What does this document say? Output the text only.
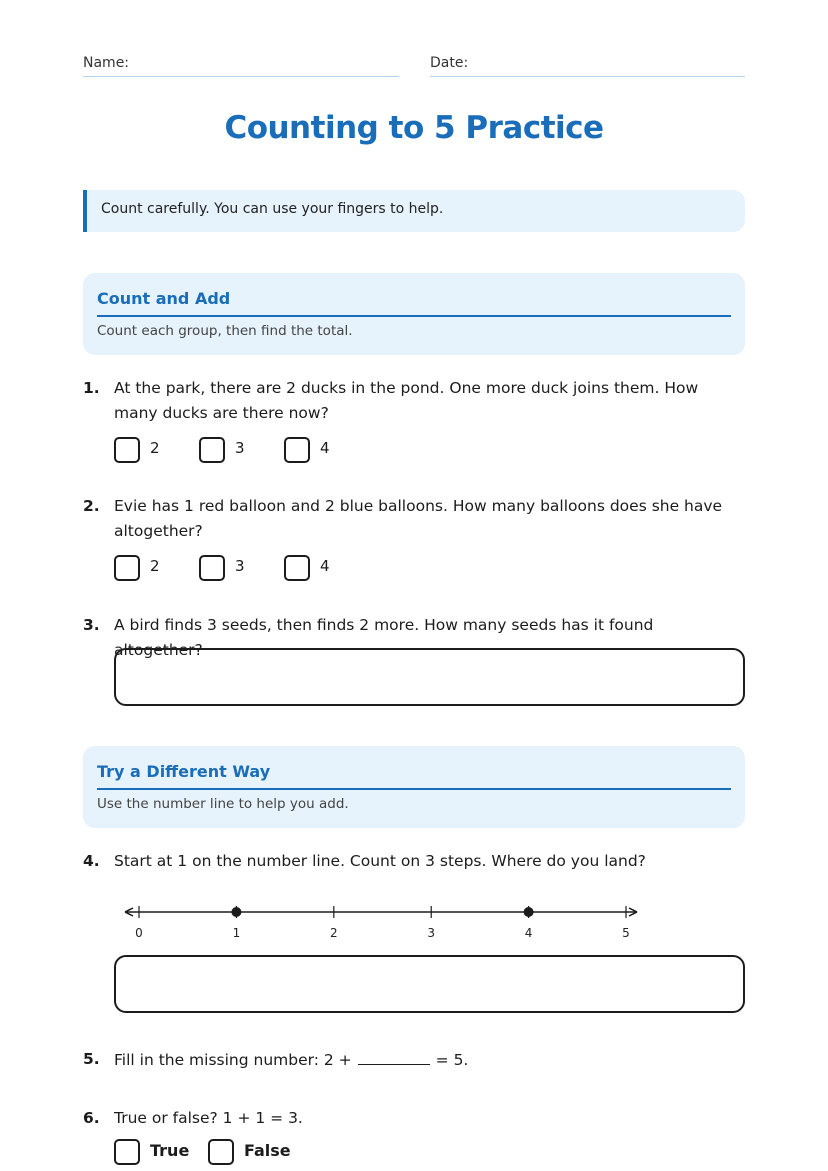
Name:	Date:
Counting to 5 Practice
Count carefully. You can use your fingers to help.
Count and Add
Count each group, then find the total.
1. At the park, there are 2 ducks in the pond. One more duck joins them. How many ducks are there now?
2	3	4
2. Evie has 1 red balloon and 2 blue balloons. How many balloons does she have altogether?
2	3	4
3. A bird finds 3 seeds, then finds 2 more. How many seeds has it found altogether?
Try a Different Way
Use the number line to help you add.
4. Start at 1 on the number line. Count on 3 steps. Where do you land?
0	1	2	3	4	5
5. Fill in the missing number: 2 +	= 5.
6. True or false? 1 + 1 = 3.
True	False
